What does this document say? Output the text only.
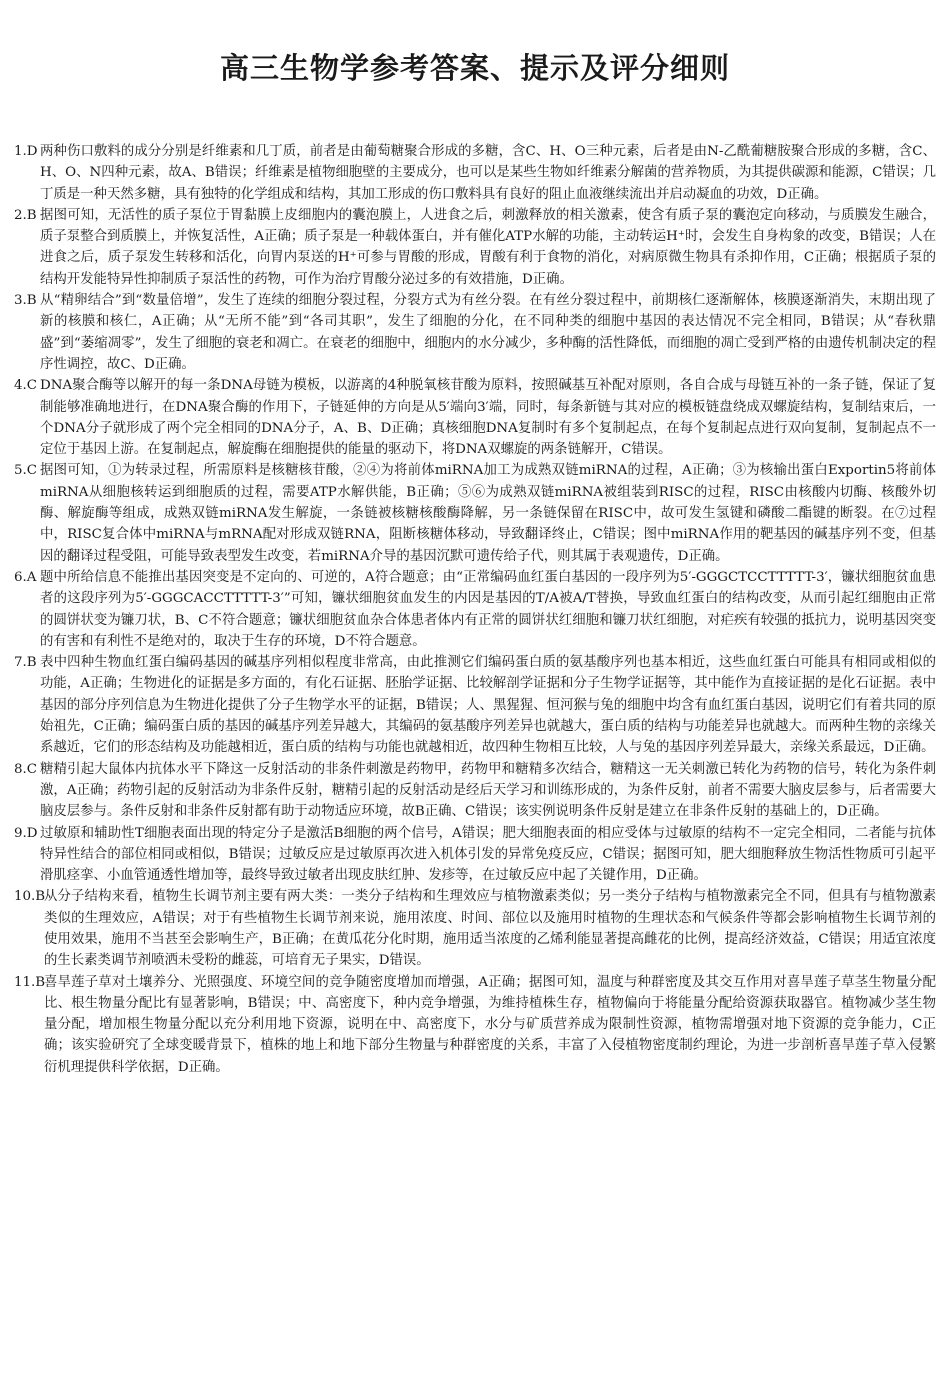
高三生物学参考答案、提示及评分细则
1.D 两种伤口敷料的成分分别是纤维素和几丁质，前者是由葡萄糖聚合形成的多糖，含C、H、O三种元素，后者是由N-乙酰葡糖胺聚合形成的多糖，含C、H、O、N四种元素，故A、B错误；纤维素是植物细胞壁的主要成分，也可以是某些生物如纤维素分解菌的营养物质，为其提供碳源和能源，C错误；几丁质是一种天然多糖，具有独特的化学组成和结构，其加工形成的伤口敷料具有良好的阻止血液继续流出并启动凝血的功效，D正确。
2.B 据图可知，无活性的质子泵位于胃黏膜上皮细胞内的囊泡膜上，人进食之后，刺激释放的相关激素，使含有质子泵的囊泡定向移动，与质膜发生融合，质子泵整合到质膜上，并恢复活性，A正确；质子泵是一种载体蛋白，并有催化ATP水解的功能，主动转运H⁺时，会发生自身构象的改变，B错误；人在进食之后，质子泵发生转移和活化，向胃内泵送的H⁺可参与胃酸的形成，胃酸有利于食物的消化，对病原微生物具有杀抑作用，C正确；根据质子泵的结构开发能特异性抑制质子泵活性的药物，可作为治疗胃酸分泌过多的有效措施，D正确。
3.B 从“精卵结合”到“数量倍增”，发生了连续的细胞分裂过程，分裂方式为有丝分裂。在有丝分裂过程中，前期核仁逐渐解体，核膜逐渐消失，末期出现了新的核膜和核仁，A正确；从“无所不能”到“各司其职”，发生了细胞的分化，在不同种类的细胞中基因的表达情况不完全相同，B错误；从“春秋鼎盛”到“萎缩凋零”，发生了细胞的衰老和凋亡。在衰老的细胞中，细胞内的水分减少，多种酶的活性降低，而细胞的凋亡受到严格的由遗传机制决定的程序性调控，故C、D正确。
4.C DNA聚合酶等以解开的每一条DNA母链为模板，以游离的4种脱氧核苷酸为原料，按照碱基互补配对原则，各自合成与母链互补的一条子链，保证了复制能够准确地进行，在DNA聚合酶的作用下，子链延伸的方向是从5′端向3′端，同时，每条新链与其对应的模板链盘绕成双螺旋结构，复制结束后，一个DNA分子就形成了两个完全相同的DNA分子，A、B、D正确；真核细胞DNA复制时有多个复制起点，在每个复制起点进行双向复制，复制起点不一定位于基因上游。在复制起点，解旋酶在细胞提供的能量的驱动下，将DNA双螺旋的两条链解开，C错误。
5.C 据图可知，①为转录过程，所需原料是核糖核苷酸，②④为将前体miRNA加工为成熟双链miRNA的过程，A正确；③为核输出蛋白Exportin5将前体miRNA从细胞核转运到细胞质的过程，需要ATP水解供能，B正确；⑤⑥为成熟双链miRNA被组装到RISC的过程，RISC由核酸内切酶、核酸外切酶、解旋酶等组成，成熟双链miRNA发生解旋，一条链被核糖核酸酶降解，另一条链保留在RISC中，故可发生氢键和磷酸二酯键的断裂。在⑦过程中，RISC复合体中miRNA与mRNA配对形成双链RNA，阻断核糖体移动，导致翻译终止，C错误；图中miRNA作用的靶基因的碱基序列不变，但基因的翻译过程受阻，可能导致表型发生改变，若miRNA介导的基因沉默可遗传给子代，则其属于表观遗传，D正确。
6.A 题中所给信息不能推出基因突变是不定向的、可逆的，A符合题意；由“正常编码血红蛋白基因的一段序列为5′-GGGCTCCTTTTT-3′，镰状细胞贫血患者的这段序列为5′-GGGCACCTTTTT-3′”可知，镰状细胞贫血发生的内因是基因的T/A被A/T替换，导致血红蛋白的结构改变，从而引起红细胞由正常的圆饼状变为镰刀状，B、C不符合题意；镰状细胞贫血杂合体患者体内有正常的圆饼状红细胞和镰刀状红细胞，对疟疾有较强的抵抗力，说明基因突变的有害和有利性不是绝对的，取决于生存的环境，D不符合题意。
7.B 表中四种生物血红蛋白编码基因的碱基序列相似程度非常高，由此推测它们编码蛋白质的氨基酸序列也基本相近，这些血红蛋白可能具有相同或相似的功能，A正确；生物进化的证据是多方面的，有化石证据、胚胎学证据、比较解剖学证据和分子生物学证据等，其中能作为直接证据的是化石证据。表中基因的部分序列信息为生物进化提供了分子生物学水平的证据，B错误；人、黑猩猩、恒河猴与兔的细胞中均含有血红蛋白基因，说明它们有着共同的原始祖先，C正确；编码蛋白质的基因的碱基序列差异越大，其编码的氨基酸序列差异也就越大，蛋白质的结构与功能差异也就越大。而两种生物的亲缘关系越近，它们的形态结构及功能越相近，蛋白质的结构与功能也就越相近，故四种生物相互比较，人与兔的基因序列差异最大，亲缘关系最远，D正确。
8.C 糖精引起大鼠体内抗体水平下降这一反射活动的非条件刺激是药物甲，药物甲和糖精多次结合，糖精这一无关刺激已转化为药物的信号，转化为条件刺激，A正确；药物引起的反射活动为非条件反射，糖精引起的反射活动是经后天学习和训练形成的，为条件反射，前者不需要大脑皮层参与，后者需要大脑皮层参与。条件反射和非条件反射都有助于动物适应环境，故B正确、C错误；该实例说明条件反射是建立在非条件反射的基础上的，D正确。
9.D 过敏原和辅助性T细胞表面出现的特定分子是激活B细胞的两个信号，A错误；肥大细胞表面的相应受体与过敏原的结构不一定完全相同，二者能与抗体特异性结合的部位相同或相似，B错误；过敏反应是过敏原再次进入机体引发的异常免疫反应，C错误；据图可知，肥大细胞释放生物活性物质可引起平滑肌痉挛、小血管通透性增加等，最终导致过敏者出现皮肤红肿、发疹等，在过敏反应中起了关键作用，D正确。
10.B
从分子结构来看，植物生长调节剂主要有两大类：一类分子结构和生理效应与植物激素类似；另一类分子结构与植物激素完全不同，但具有与植物激素类似的生理效应，A错误；对于有些植物生长调节剂来说，施用浓度、时间、部位以及施用时植物的生理状态和气候条件等都会影响植物生长调节剂的使用效果，施用不当甚至会影响生产，B正确；在黄瓜花分化时期，施用适当浓度的乙烯利能显著提高雌花的比例，提高经济效益，C错误；用适宜浓度的生长素类调节剂喷洒未受粉的雌蕊，可培育无子果实，D错误。
11.B
喜旱莲子草对土壤养分、光照强度、环境空间的竞争随密度增加而增强，A正确；据图可知，温度与种群密度及其交互作用对喜旱莲子草茎生物量分配比、根生物量分配比有显著影响，B错误；中、高密度下，种内竞争增强，为维持植株生存，植物偏向于将能量分配给资源获取器官。植物减少茎生物量分配，增加根生物量分配以充分利用地下资源，说明在中、高密度下，水分与矿质营养成为限制性资源，植物需增强对地下资源的竞争能力，C正确；该实验研究了全球变暖背景下，植株的地上和地下部分生物量与种群密度的关系，丰富了入侵植物密度制约理论，为进一步剖析喜旱莲子草入侵繁衍机理提供科学依据，D正确。
